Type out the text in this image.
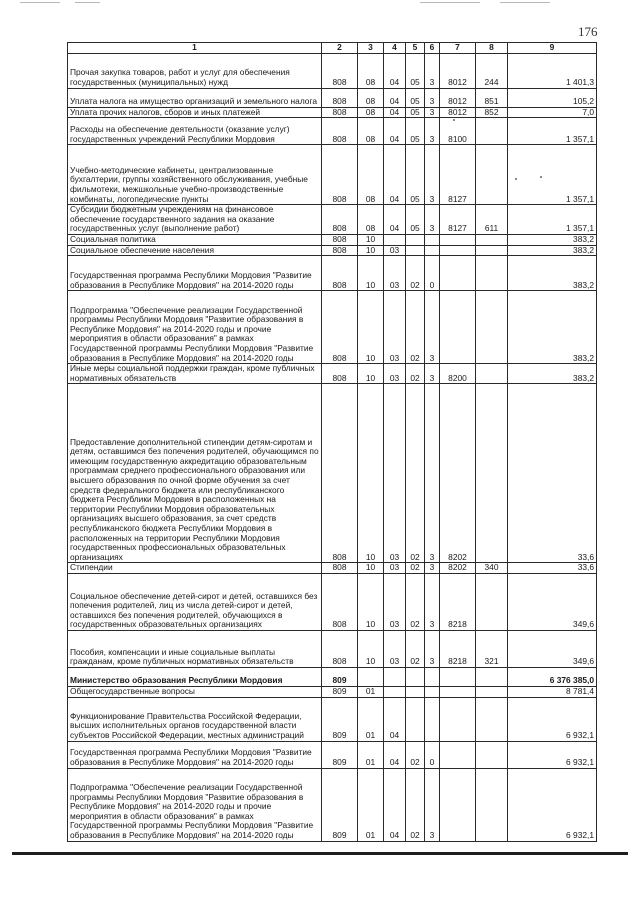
176
1	2	3	4	5	6	7	8	9
Прочая закупка товаров, работ и услуг для обеспечения государственных (муниципальных) нужд	808	08	04	05	3	8012	244	1 401,3
Уплата налога на имущество организаций и земельного налога	808	08	04	05	3	8012	851	105,2
Уплата прочих налогов, сборов и иных платежей	808	08	04	05	3	8012	852	7,0
Расходы на обеспечение деятельности (оказание услуг) государственных учреждений Республики Мордовия	808	08	04	05	3	8100		1 357,1
Учебно-методические кабинеты, централизованные бухгалтерии, группы хозяйственного обслуживания, учебные фильмотеки, межшкольные учебно-производственные комбинаты, логопедические пункты	808	08	04	05	3	8127		1 357,1
Субсидии бюджетным учреждениям на финансовое обеспечение государственного задания на оказание государственных услуг (выполнение работ)	808	08	04	05	3	8127	611	1 357,1
Социальная политика	808	10						383,2
Социальное обеспечение населения	808	10	03					383,2
Государственная программа Республики Мордовия "Развитие образования в Республике Мордовия" на 2014-2020 годы	808	10	03	02	0			383,2
Подпрограмма "Обеспечение реализации Государственной программы Республики Мордовия "Развитие образования в Республике Мордовия" на 2014-2020 годы и прочие мероприятия в области образования" в рамках Государственной программы Республики Мордовия "Развитие образования в Республике Мордовия" на 2014-2020 годы	808	10	03	02	3			383,2
Иные меры социальной поддержки граждан, кроме публичных нормативных обязательств	808	10	03	02	3	8200		383,2
Предоставление дополнительной стипендии детям-сиротам и детям, оставшимся без попечения родителей, обучающимся по имеющим государственную аккредитацию образовательным программам среднего профессионального образования или высшего образования по очной форме обучения за счет средств федерального бюджета или республиканского бюджета Республики Мордовия в расположенных на территории Республики Мордовия образовательных организациях высшего образования, за счет средств республиканского бюджета Республики Мордовия в расположенных на территории Республики Мордовия государственных профессиональных образовательных организациях	808	10	03	02	3	8202		33,6
Стипендии	808	10	03	02	3	8202	340	33,6
Социальное обеспечение детей-сирот и детей, оставшихся без попечения родителей, лиц из числа детей-сирот и детей, оставшихся без попечения родителей, обучающихся в государственных образовательных организациях	808	10	03	02	3	8218		349,6
Пособия, компенсации и иные социальные выплаты гражданам, кроме публичных нормативных обязательств	808	10	03	02	3	8218	321	349,6
Министерство образования Республики Мордовия	809							6 376 385,0
Общегосударственные вопросы	809	01						8 781,4
Функционирование Правительства Российской Федерации, высших исполнительных органов государственной власти субъектов Российской Федерации, местных администраций	809	01	04					6 932,1
Государственная программа Республики Мордовия "Развитие образования в Республике Мордовия" на 2014-2020 годы	809	01	04	02	0			6 932,1
Подпрограмма "Обеспечение реализации Государственной программы Республики Мордовия "Развитие образования в Республике Мордовия" на 2014-2020 годы и прочие мероприятия в области образования" в рамках Государственной программы Республики Мордовия "Развитие образования в Республике Мордовия" на 2014-2020 годы	809	01	04	02	3			6 932,1
